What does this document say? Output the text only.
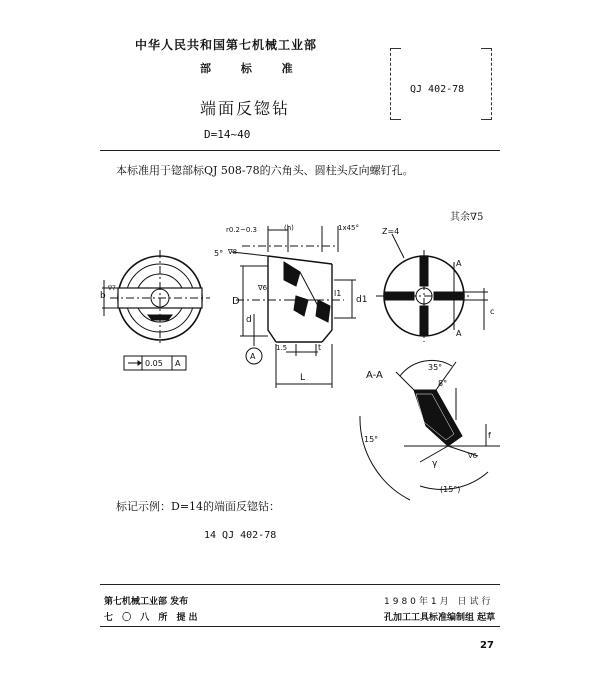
中华人民共和国第七机械工业部
部 标 准
QJ 402-78
端面反锪钻
D=14~40
本标准用于锪部标QJ 508-78的六角头、圆柱头反向螺钉孔。
其余∇5
b
∇7
0.05 A
r0.2~0.3	(h)	1x45°
5° ∇8
∇6
D
d
d1
l1
1.5	t
L
A
Z=4
A
A
c
A-A
35°
8°
15°
γ
∇6
(15°)
f
标记示例：D=14的端面反锪钻：
14 QJ 402-78
第七机械工业部 发布
七 〇 八 所 提出
1980年1月 日试行
孔加工工具标准编制组 起草
27
